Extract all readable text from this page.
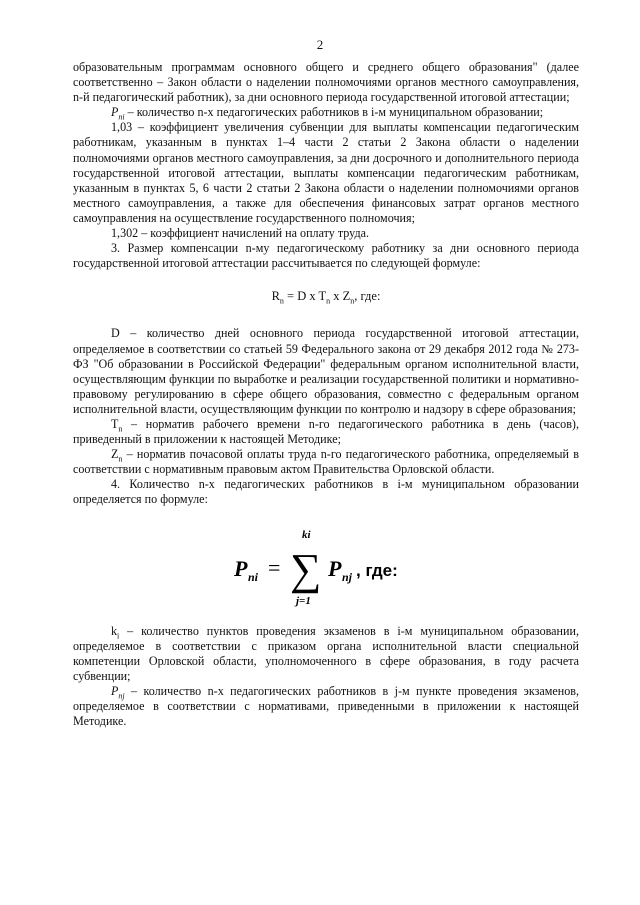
2

образовательным программам основного общего и среднего общего образования" (далее соответственно – Закон области о наделении полномочиями органов местного самоуправления, n-й педагогический работник), за дни основного периода государственной итоговой аттестации;

$P_{ni}$ – количество n-х педагогических работников в i-м муниципальном образовании;

1,03 – коэффициент увеличения субвенции для выплаты компенсации педагогическим работникам, указанным в пунктах 1–4 части 2 статьи 2 Закона области о наделении полномочиями органов местного самоуправления, за дни досрочного и дополнительного периода государственной итоговой аттестации, выплаты компенсации педагогическим работникам, указанным в пунктах 5, 6 части 2 статьи 2 Закона области о наделении полномочиями органов местного самоуправления, а также для обеспечения финансовых затрат органов местного самоуправления на осуществление государственного полномочия;

1,302 – коэффициент начислений на оплату труда.

3. Размер компенсации n-му педагогическому работнику за дни основного периода государственной итоговой аттестации рассчитывается по следующей формуле:

$R_n = D$ x $T_n$ x $Z_n$, где:

D – количество дней основного периода государственной итоговой аттестации, определяемое в соответствии со статьей 59 Федерального закона от 29 декабря 2012 года № 273-ФЗ "Об образовании в Российской Федерации" федеральным органом исполнительной власти, осуществляющим функции по выработке и реализации государственной политики и нормативно-правовому регулированию в сфере общего образования, совместно с федеральным органом исполнительной власти, осуществляющим функции по контролю и надзору в сфере образования;

$T_n$ – норматив рабочего времени n-го педагогического работника в день (часов), приведенный в приложении к настоящей Методике;

$Z_n$ – норматив почасовой оплаты труда n-го педагогического работника, определяемый в соответствии с нормативным правовым актом Правительства Орловской области.

4. Количество n-х педагогических работников в i-м муниципальном образовании определяется по формуле:

P ni =
ki
∑
j=1
P nj , где:

$k_i$ – количество пунктов проведения экзаменов в i-м муниципальном образовании, определяемое в соответствии с приказом органа исполнительной власти специальной компетенции Орловской области, уполномоченного в сфере образования, в году расчета субвенции;

$P_{nj}$ – количество n-х педагогических работников в j-м пункте проведения экзаменов, определяемое в соответствии с нормативами, приведенными в приложении к настоящей Методике.
